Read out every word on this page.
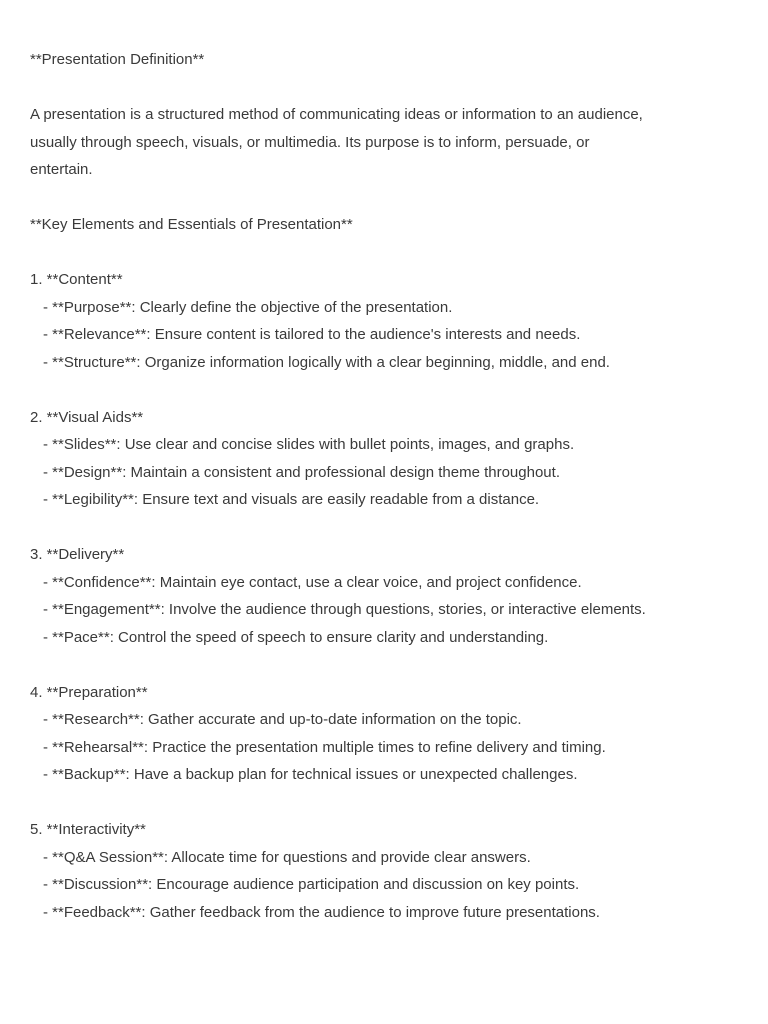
**Presentation Definition**
A presentation is a structured method of communicating ideas or information to an audience,
usually through speech, visuals, or multimedia. Its purpose is to inform, persuade, or
entertain.
**Key Elements and Essentials of Presentation**
1. **Content**
- **Purpose**: Clearly define the objective of the presentation.
- **Relevance**: Ensure content is tailored to the audience's interests and needs.
- **Structure**: Organize information logically with a clear beginning, middle, and end.
2. **Visual Aids**
- **Slides**: Use clear and concise slides with bullet points, images, and graphs.
- **Design**: Maintain a consistent and professional design theme throughout.
- **Legibility**: Ensure text and visuals are easily readable from a distance.
3. **Delivery**
- **Confidence**: Maintain eye contact, use a clear voice, and project confidence.
- **Engagement**: Involve the audience through questions, stories, or interactive elements.
- **Pace**: Control the speed of speech to ensure clarity and understanding.
4. **Preparation**
- **Research**: Gather accurate and up-to-date information on the topic.
- **Rehearsal**: Practice the presentation multiple times to refine delivery and timing.
- **Backup**: Have a backup plan for technical issues or unexpected challenges.
5. **Interactivity**
- **Q&A Session**: Allocate time for questions and provide clear answers.
- **Discussion**: Encourage audience participation and discussion on key points.
- **Feedback**: Gather feedback from the audience to improve future presentations.
